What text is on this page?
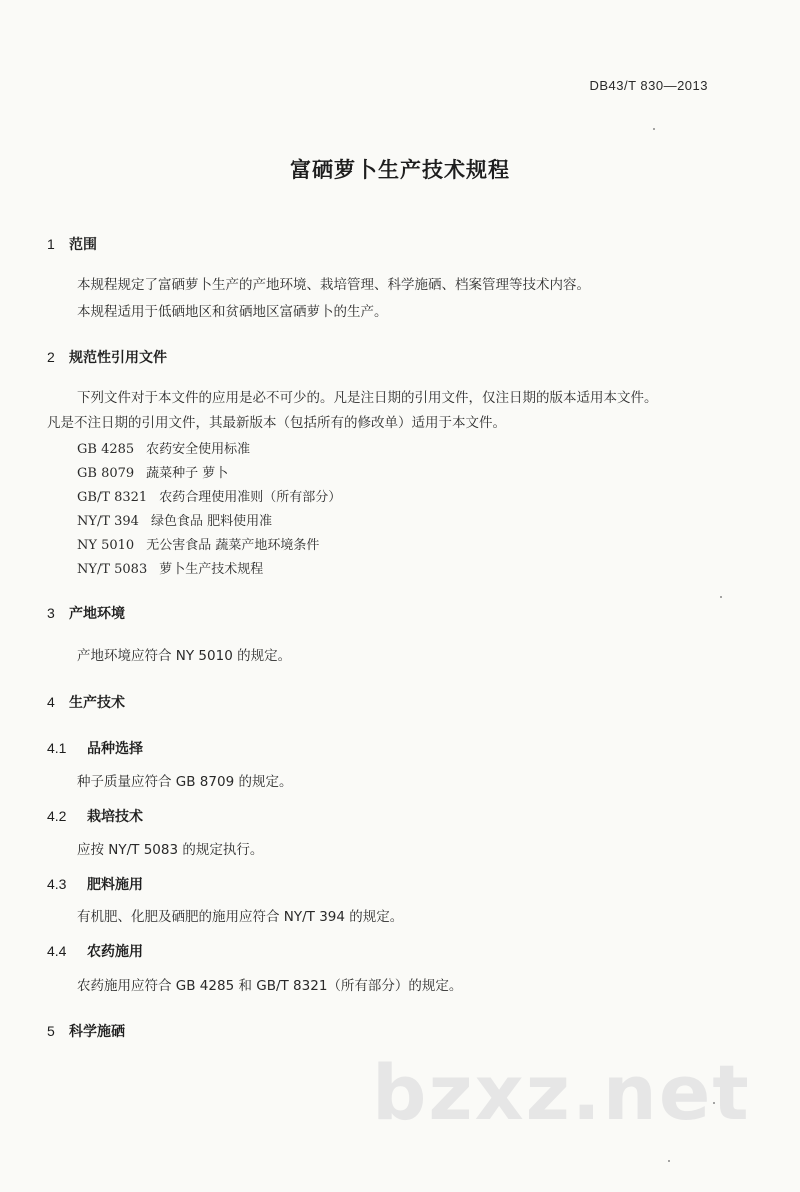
DB43/T 830—2013
富硒萝卜生产技术规程
1 范围
本规程规定了富硒萝卜生产的产地环境、栽培管理、科学施硒、档案管理等技术内容。
本规程适用于低硒地区和贫硒地区富硒萝卜的生产。
2 规范性引用文件
下列文件对于本文件的应用是必不可少的。凡是注日期的引用文件，仅注日期的版本适用本文件。
凡是不注日期的引用文件，其最新版本（包括所有的修改单）适用于本文件。
GB 4285 农药安全使用标准
GB 8079 蔬菜种子 萝卜
GB/T 8321 农药合理使用准则（所有部分）
NY/T 394 绿色食品 肥料使用准
NY 5010 无公害食品 蔬菜产地环境条件
NY/T 5083 萝卜生产技术规程
3 产地环境
产地环境应符合 NY 5010 的规定。
4 生产技术
4.1 品种选择
种子质量应符合 GB 8709 的规定。
4.2 栽培技术
应按 NY/T 5083 的规定执行。
4.3 肥料施用
有机肥、化肥及硒肥的施用应符合 NY/T 394 的规定。
4.4 农药施用
农药施用应符合 GB 4285 和 GB/T 8321（所有部分）的规定。
5 科学施硒
bzxz.net
